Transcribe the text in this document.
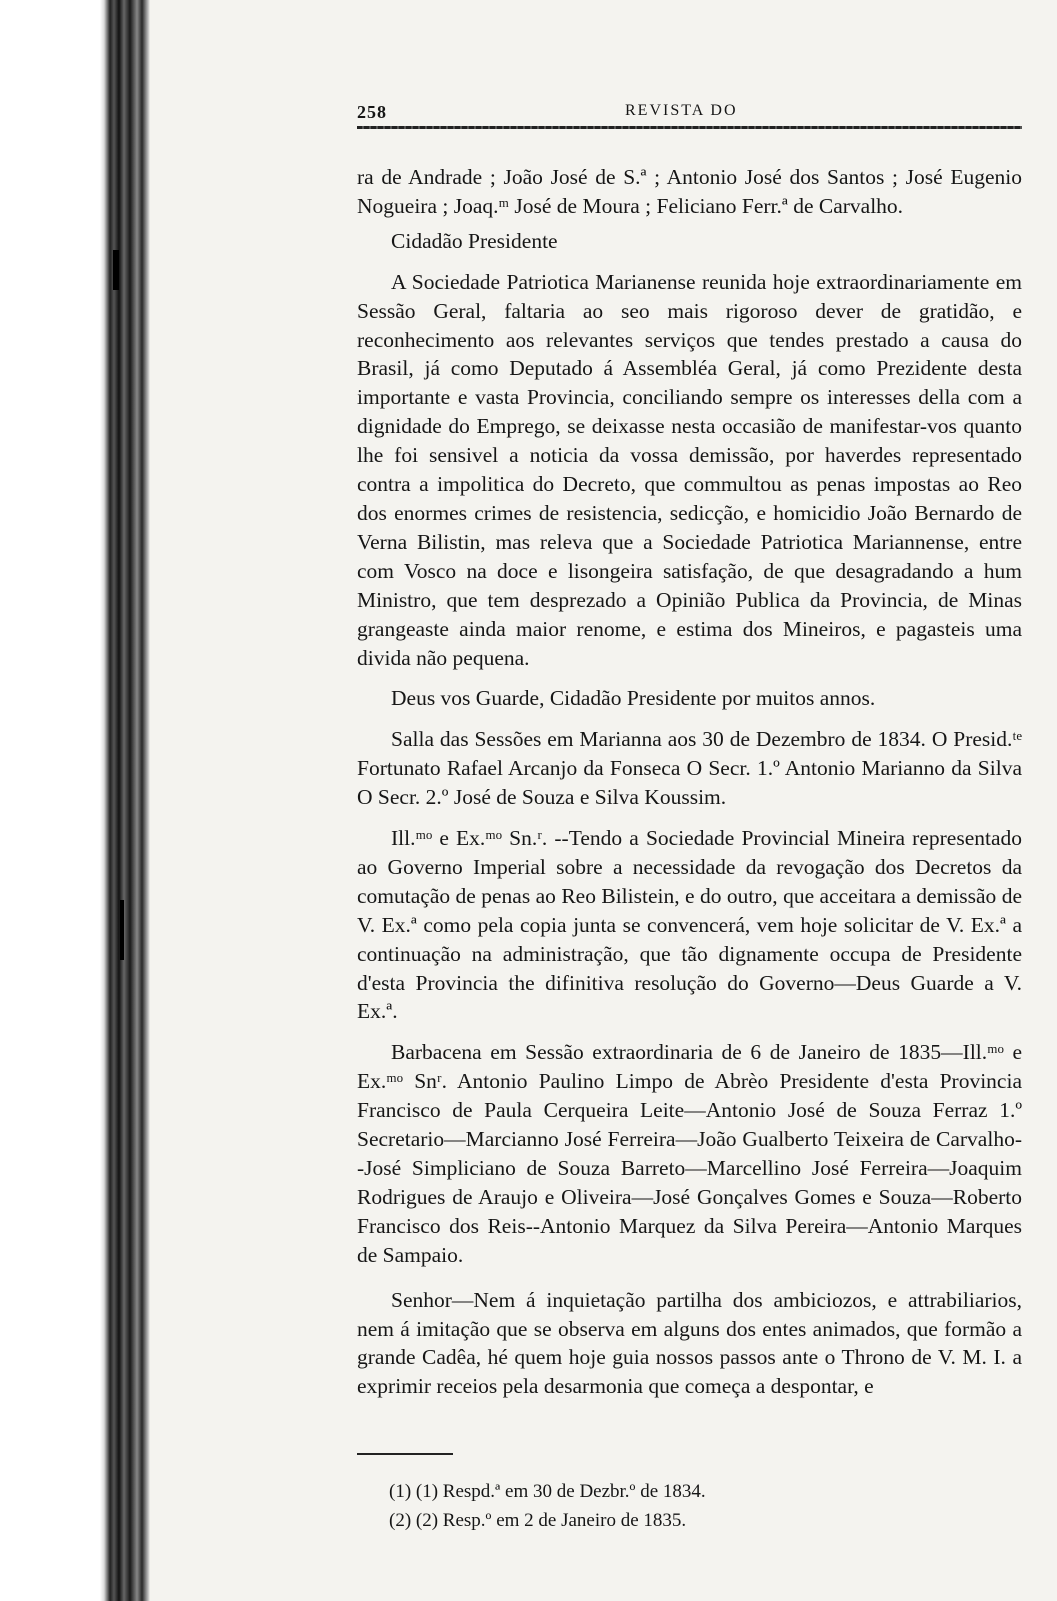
258	REVISTA DO

ra de Andrade ; João José de S.ª ; Antonio José dos Santos ; José Eugenio Nogueira ; Joaq.ᵐ José de Moura ; Feliciano Ferr.ª de Carvalho.

Cidadão Presidente

A Sociedade Patriotica Marianense reunida hoje extraordinariamente em Sessão Geral, faltaria ao seo mais rigoroso dever de gratidão, e reconhecimento aos relevantes serviços que tendes prestado a causa do Brasil, já como Deputado á Assembléa Geral, já como Prezidente desta importante e vasta Provincia, conciliando sempre os interesses della com a dignidade do Emprego, se deixasse nesta occasião de manifestar-vos quanto lhe foi sensivel a noticia da vossa demissão, por haverdes representado contra a impolitica do Decreto, que commultou as penas impostas ao Reo dos enormes crimes de resistencia, sedicção, e homicidio João Bernardo de Verna Bilistin, mas releva que a Sociedade Patriotica Mariannense, entre com Vosco na doce e lisongeira satisfação, de que desagradando a hum Ministro, que tem desprezado a Opinião Publica da Provincia, de Minas grangeaste ainda maior renome, e estima dos Mineiros, e pagasteis uma divida não pequena.

Deus vos Guarde, Cidadão Presidente por muitos annos.

Salla das Sessões em Marianna aos 30 de Dezembro de 1834. O Presid.ᵗᵉ Fortunato Rafael Arcanjo da Fonseca O Secr. 1.º Antonio Marianno da Silva O Secr. 2.º José de Souza e Silva Koussim.

Ill.ᵐᵒ e Ex.ᵐᵒ Sn.ʳ. --Tendo a Sociedade Provincial Mineira representado ao Governo Imperial sobre a necessidade da revogação dos Decretos da comutação de penas ao Reo Bilistein, e do outro, que acceitara a demissão de V. Ex.ª como pela copia junta se convencerá, vem hoje solicitar de V. Ex.ª a continuação na administração, que tão dignamente occupa de Presidente d'esta Provincia the difinitiva resolução do Governo—Deus Guarde a V. Ex.ª.

Barbacena em Sessão extraordinaria de 6 de Janeiro de 1835—Ill.ᵐᵒ e Ex.ᵐᵒ Snʳ. Antonio Paulino Limpo de Abrèo Presidente d'esta Provincia Francisco de Paula Cerqueira Leite—Antonio José de Souza Ferraz 1.º Secretario—Marcianno José Ferreira—João Gualberto Teixeira de Carvalho--José Simpliciano de Souza Barreto—Marcellino José Ferreira—Joaquim Rodrigues de Araujo e Oliveira—José Gonçalves Gomes e Souza—Roberto Francisco dos Reis--Antonio Marquez da Silva Pereira—Antonio Marques de Sampaio.

Senhor—Nem á inquietação partilha dos ambiciozos, e attrabiliarios, nem á imitação que se observa em alguns dos entes animados, que formão a grande Cadêa, hé quem hoje guia nossos passos ante o Throno de V. M. I. a exprimir receios pela desarmonia que começa a despontar, e

(1) (1) Respd.ª em 30 de Dezbr.º de 1834.
(2) (2) Resp.º em 2 de Janeiro de 1835.
